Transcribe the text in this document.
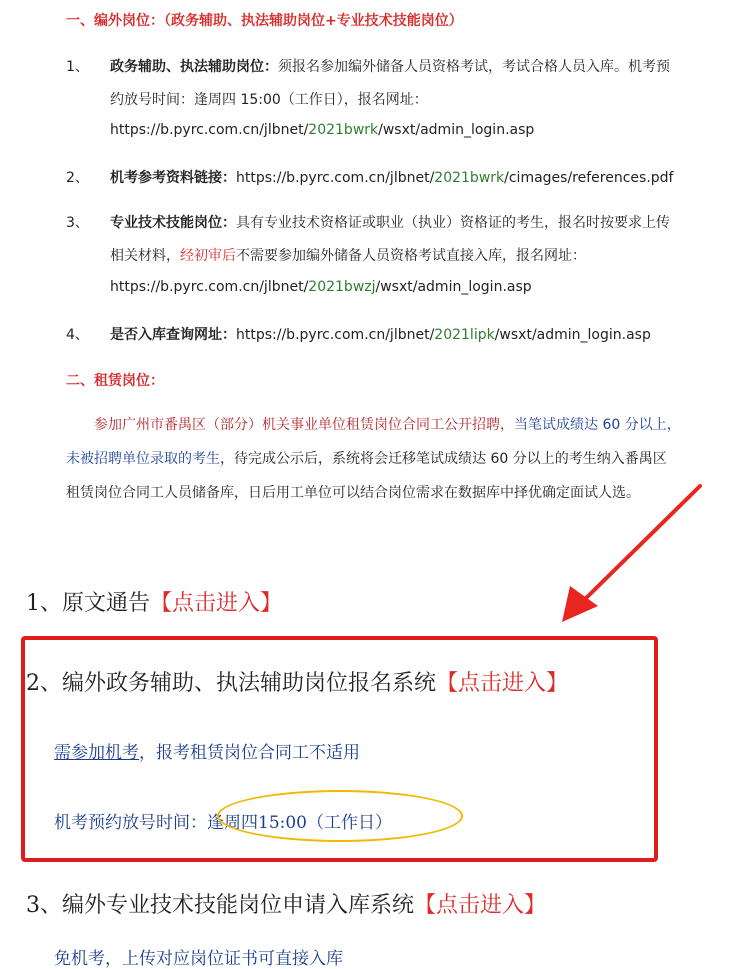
一、编外岗位：（政务辅助、执法辅助岗位+专业技术技能岗位）
1、 政务辅助、执法辅助岗位：须报名参加编外储备人员资格考试，考试合格人员入库。机考预
约放号时间：逢周四 15:00（工作日），报名网址：
https://b.pyrc.com.cn/jlbnet/2021bwrk/wsxt/admin_login.asp
2、 机考参考资料链接：https://b.pyrc.com.cn/jlbnet/2021bwrk/cimages/references.pdf
3、 专业技术技能岗位：具有专业技术资格证或职业（执业）资格证的考生，报名时按要求上传
相关材料，经初审后不需要参加编外储备人员资格考试直接入库，报名网址：
https://b.pyrc.com.cn/jlbnet/2021bwzj/wsxt/admin_login.asp
4、 是否入库查询网址：https://b.pyrc.com.cn/jlbnet/2021lipk/wsxt/admin_login.asp
二、租赁岗位：
参加广州市番禺区（部分）机关事业单位租赁岗位合同工公开招聘，当笔试成绩达 60 分以上，
未被招聘单位录取的考生，待完成公示后，系统将会迁移笔试成绩达 60 分以上的考生纳入番禺区
租赁岗位合同工人员储备库，日后用工单位可以结合岗位需求在数据库中择优确定面试人选。
1、原文通告【点击进入】
2、编外政务辅助、执法辅助岗位报名系统【点击进入】
需参加机考，报考租赁岗位合同工不适用
机考预约放号时间：逢周四15:00（工作日）
3、编外专业技术技能岗位申请入库系统【点击进入】
免机考，上传对应岗位证书可直接入库
